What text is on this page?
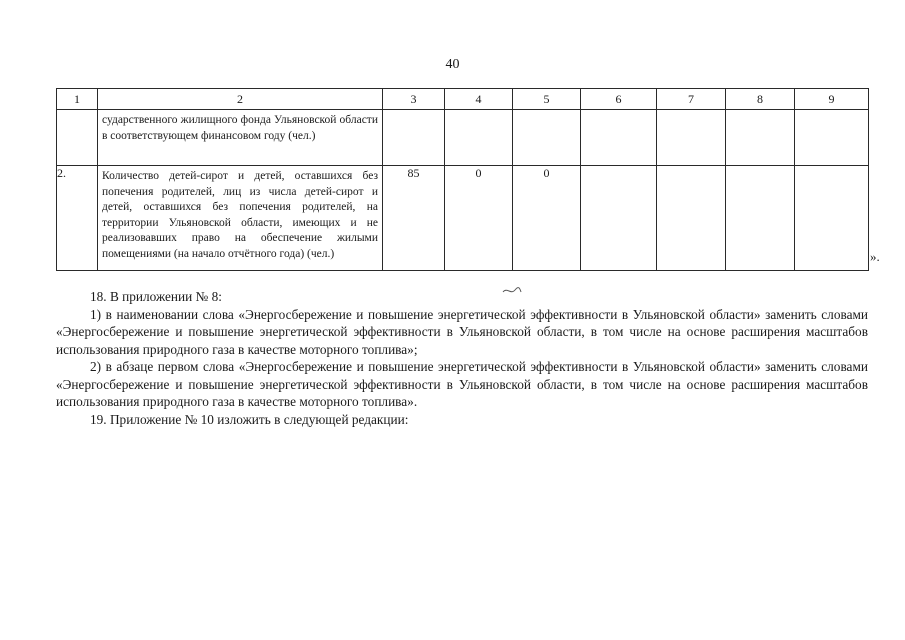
40
1	2	3	4	5	6	7	8	9

	сударственного жилищного фонда Ульяновской области в соответствующем финансовом году (чел.)							

2.	Количество детей-сирот и детей, оставшихся без попечения родителей, лиц из числа детей-сирот и детей, оставшихся без попечения родителей, на территории Ульяновской области, имеющих и не реализовавших право на обеспечение жилыми помещениями (на начало отчётного года) (чел.)	85	0	0				
».

18. В приложении № 8:

1) в наименовании слова «Энергосбережение и повышение энергетической эффективности в Ульяновской области» заменить словами «Энергосбережение и повышение энергетической эффективности в Ульяновской области, в том числе на основе расширения масштабов использования природного газа в качестве моторного топлива»;

2) в абзаце первом слова «Энергосбережение и повышение энергетической эффективности в Ульяновской области» заменить словами «Энергосбережение и повышение энергетической эффективности в Ульяновской области, в том числе на основе расширения масштабов использования природного газа в качестве моторного топлива».

19. Приложение № 10 изложить в следующей редакции:
